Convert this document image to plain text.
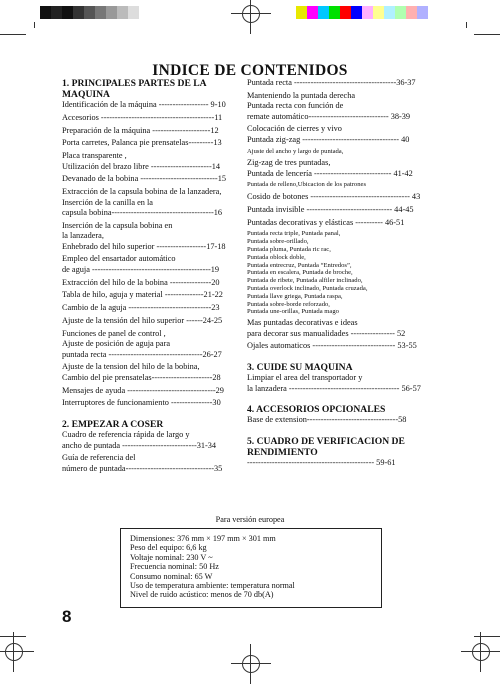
INDICE DE CONTENIDOS
1. PRINCIPALES PARTES DE LA
MAQUINA
Identificación de la máquina ------------------ 9-10
Accesorios -----------------------------------------11
Preparación de la máquina ---------------------12
Porta carretes, Palanca pie prensatelas---------13
Placa transparente ,
Utilización del brazo libre ----------------------14
Devanado de la bobina ----------------------------15
Extracción de la capsula bobina de la lanzadera,
Inserción de la canilla en la
capsula bobina-------------------------------------16
Inserción de la capsula bobina en
la lanzadera,
Enhebrado del hilo superior ------------------17-18
Empleo del ensartador automático
de aguja -------------------------------------------19
Extracción del hilo de la bobina ---------------20
Tabla de hilo, aguja y material --------------21-22
Cambio de la aguja ------------------------------23
Ajuste de la tensión del hilo superior ------24-25
Funciones de panel de control ,
Ajuste de posición de aguja para
puntada recta ----------------------------------26-27
Ajuste de la tension del hilo de la bobina,
Cambio del pie prensatelas----------------------28
Mensajes de ayuda --------------------------------29
Interruptores de funcionamiento ---------------30
2. EMPEZAR A COSER
Cuadro de referencia rápida de largo y
ancho de puntada ---------------------------31-34
Guía de referencia del
número de puntada--------------------------------35
Puntada recta -------------------------------------36-37
Manteniendo la puntada derecha
Puntada recta con función de
remate automático----------------------------- 38-39
Colocación de cierres y vivo
Puntada zig-zag ----------------------------------- 40
Ajuste del ancho y largo de puntada,
Zig-zag de tres puntadas,
Puntada de lencería ---------------------------- 41-42
Puntada de relleno,Ubicacion de los patrones
Cosido de botones ------------------------------------ 43
Puntada invisible ------------------------------- 44-45
Puntadas decorativas y elásticas ---------- 46-51
Puntada recta triple, Puntada panal,
Puntada sobre-orillado,
Puntada pluma, Puntada ric rac,
Puntada oblock doble,
Puntada entrecruz, Puntada “Entredos”,
Puntada en escalera, Puntada de broche,
Puntada de ribete, Puntada alfiler inclinado,
Puntada overlock inclinado, Puntada cruzada,
Puntada llave griega, Puntada raspa,
Puntada sobre-borde reforzado,
Puntada une-orillas, Puntada mago
Mas puntadas decorativas e ideas
para decorar sus manualidades ---------------- 52
Ojales automaticos ------------------------------ 53-55
3. CUIDE SU MAQUINA
Limpiar el area del transportador y
la lanzadera ---------------------------------------- 56-57
4. ACCESORIOS OPCIONALES
Base de extension---------------------------------58
5. CUADRO DE VERIFICACION DE
RENDIMIENTO
---------------------------------------------- 59-61
Para versión europea
Dimensiones: 376 mm × 197 mm × 301 mm
Peso del equipo: 6,6 kg
Voltaje nominal: 230 V ~
Frecuencia nominal: 50 Hz
Consumo nominal: 65 W
Uso de temperatura ambiente: temperatura normal
Nivel de ruido acústico: menos de 70 db(A)
8
